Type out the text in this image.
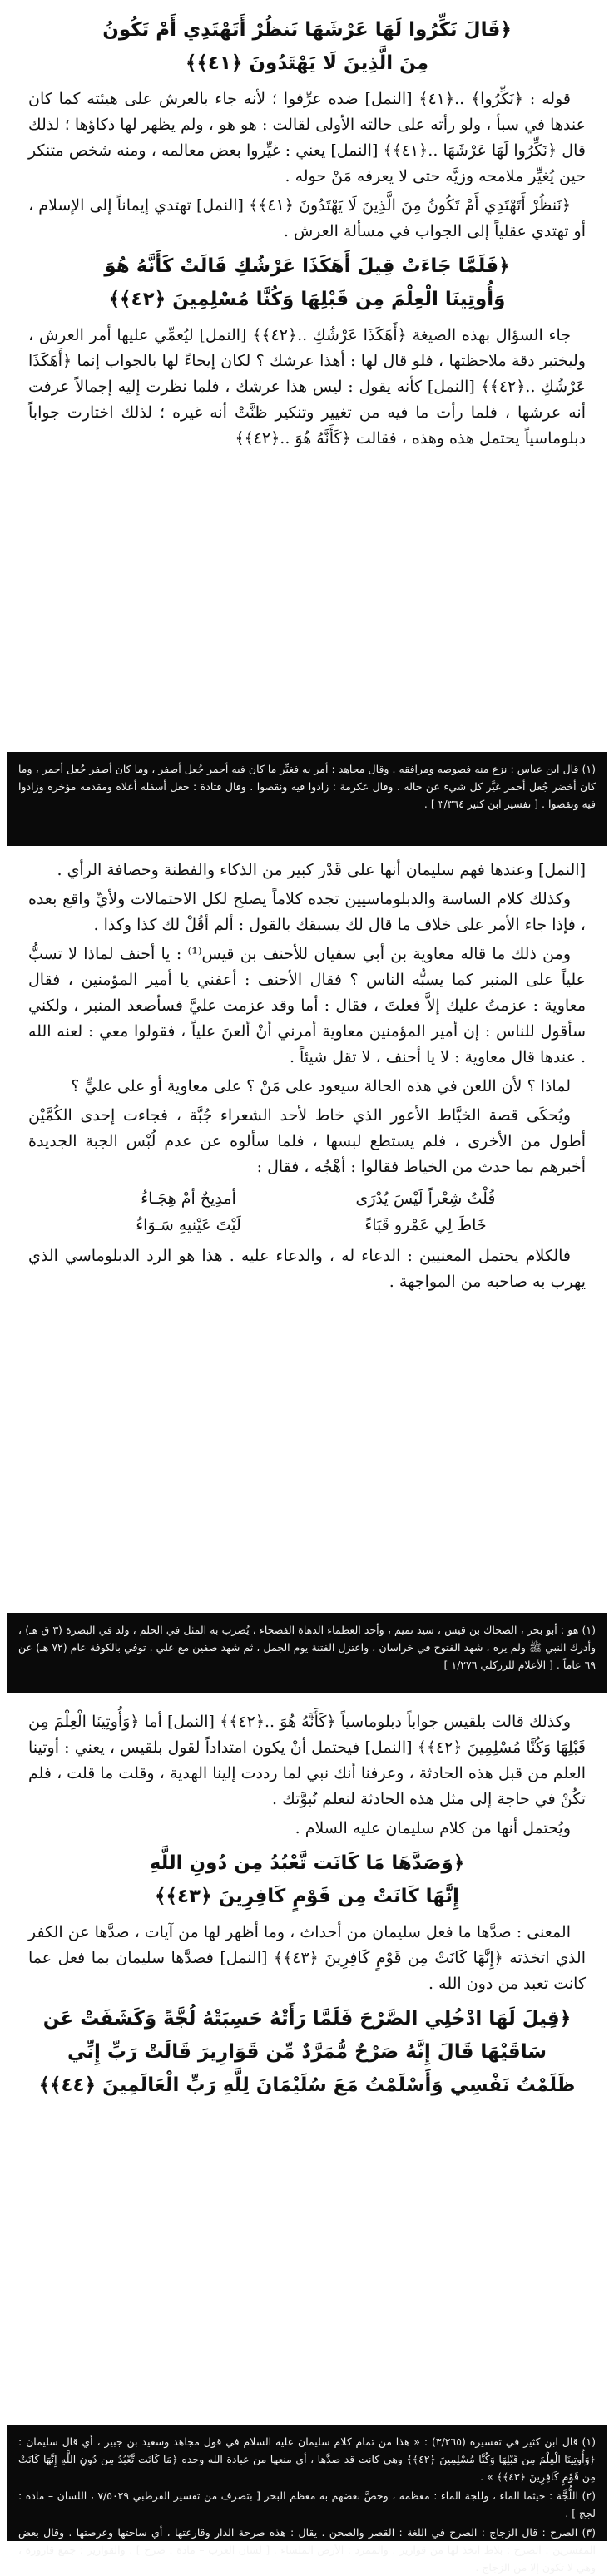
﴿قَالَ نَكِّرُوا لَهَا عَرْشَهَا نَنظُرْ أَتَهْتَدِي أَمْ تَكُونُ
مِنَ الَّذِينَ لَا يَهْتَدُونَ ﴿٤١﴾﴾

قوله : ﴿نَكِّرُوا﴾ ..﴿٤١﴾ [النمل] ضده عرِّفوا ؛ لأنه جاء بالعرش على هيئته كما كان عندها في سبأ ، ولو رأته على حالته الأولى لقالت : هو هو ، ولم يظهر لها ذكاؤها ؛ لذلك قال ﴿نَكِّرُوا لَهَا عَرْشَهَا ..﴿٤١﴾﴾ [النمل] يعني : غيِّروا بعض معالمه ، ومنه شخص متنكر حين يُغيِّر ملامحه وزيَّه حتى لا يعرفه مَنْ حوله .

﴿نَنظُرْ أَتَهْتَدِي أَمْ تَكُونُ مِنَ الَّذِينَ لَا يَهْتَدُونَ ﴿٤١﴾﴾ [النمل] تهتدي إيماناً إلى الإسلام ، أو تهتدي عقلياً إلى الجواب في مسألة العرش .

﴿فَلَمَّا جَاءَتْ قِيلَ أَهَكَذَا عَرْشُكِ قَالَتْ كَأَنَّهُ هُوَ
وَأُوتِينَا الْعِلْمَ مِن قَبْلِهَا وَكُنَّا مُسْلِمِينَ ﴿٤٢﴾﴾

جاء السؤال بهذه الصيغة ﴿أَهَكَذَا عَرْشُكِ ..﴿٤٢﴾﴾ [النمل] ليُعمِّي عليها أمر العرش ، وليختبر دقة ملاحظتها ، فلو قال لها : أهذا عرشك ؟ لكان إيحاءً لها بالجواب إنما ﴿أَهَكَذَا عَرْشُكِ ..﴿٤٢﴾﴾ [النمل] كأنه يقول : ليس هذا عرشك ، فلما نظرت إليه إجمالاً عرفت أنه عرشها ، فلما رأت ما فيه من تغيير وتنكير ظنَّتْ أنه غيره ؛ لذلك اختارت جواباً دبلوماسياً يحتمل هذه وهذه ، فقالت ﴿كَأَنَّهُ هُوَ ..﴿٤٢﴾﴾

(١) قال ابن عباس : نزع منه فصوصه ومرافقه . وقال مجاهد : أمر به فغيِّر ما كان فيه أحمر جُعل أصفر ، وما كان أصفر جُعل أحمر ، وما كان أخضر جُعل أحمر غيَّر كل شيء عن حاله . وقال عكرمة : زادوا فيه ونقصوا . وقال قتادة : جعل أسفله أعلاه ومقدمه مؤخره وزادوا فيه ونقصوا . [ تفسير ابن كثير ٣/٣٦٤ ] .

[النمل] وعندها فهم سليمان أنها على قَدْر كبير من الذكاء والفطنة وحصافة الرأي .

وكذلك كلام الساسة والدبلوماسيين تجده كلاماً يصلح لكل الاحتمالات ولأيِّ واقع بعده ، فإذا جاء الأمر على خلاف ما قال لك يسبقك بالقول : ألم أقُلْ لك كذا وكذا .

ومن ذلك ما قاله معاوية بن أبي سفيان للأحنف بن قيس⁽¹⁾ : يا أحنف لماذا لا تسبُّ علياً على المنبر كما يسبُّه الناس ؟ فقال الأحنف : أعفني يا أمير المؤمنين ، فقال معاوية : عزمتُ عليك إلاَّ فعلتَ ، فقال : أما وقد عزمت عليَّ فسأصعد المنبر ، ولكني سأقول للناس : إن أمير المؤمنين معاوية أمرني أنْ ألعنَ علياً ، فقولوا معي : لعنه الله . عندها قال معاوية : لا يا أحنف ، لا تقل شيئاً .

لماذا ؟ لأن اللعن في هذه الحالة سيعود على مَنْ ؟ على معاوية أو على عليٍّ ؟

ويُحكَى قصة الخيَّاط الأعور الذي خاط لأحد الشعراء جُبَّة ، فجاءت إحدى الكُمَّيْن أطول من الأخرى ، فلم يستطع لبسها ، فلما سألوه عن عدم لُبْس الجبة الجديدة أخبرهم بما حدث من الخياط فقالوا : أهْجُه ، فقال :

قُلْتُ شِعْراً لَيْسَ يُدْرَى
أمدِيحٌ أمْ هِجَـاءُ
خَاطَ لِي عَمْرو قَبَاءً
لَيْتَ عَيْنيهِ سَـوَاءُ

فالكلام يحتمل المعنيين : الدعاء له ، والدعاء عليه . هذا هو الرد الدبلوماسي الذي يهرب به صاحبه من المواجهة .

(١) هو : أبو بحر ، الضحاك بن قيس ، سيد تميم ، وأحد العظماء الدهاة الفصحاء ، يُضرب به المثل في الحلم ، ولد في البصرة (٣ ق هـ) ، وأدرك النبي ﷺ ولم يره ، شهد الفتوح في خراسان ، واعتزل الفتنة يوم الجمل ، ثم شهد صفين مع علي . توفي بالكوفة عام (٧٢ هـ) عن ٦٩ عاماً . [ الأعلام للزركلي ١/٢٧٦ ]

وكذلك قالت بلقيس جواباً دبلوماسياً ﴿كَأَنَّهُ هُوَ ..﴿٤٢﴾﴾ [النمل] أما ﴿وَأُوتِينَا الْعِلْمَ مِن قَبْلِهَا وَكُنَّا مُسْلِمِينَ ﴿٤٢﴾﴾ [النمل] فيحتمل أنْ يكون امتداداً لقول بلقيس ، يعني : أوتينا العلم من قبل هذه الحادثة ، وعرفنا أنك نبي لما رددت إلينا الهدية ، وقلت ما قلت ، فلم تكُنْ في حاجة إلى مثل هذه الحادثة لنعلم نُبوَّتك .

ويُحتمل أنها من كلام سليمان عليه السلام .

﴿وَصَدَّهَا مَا كَانَت تَّعْبُدُ مِن دُونِ اللَّهِ
إِنَّهَا كَانَتْ مِن قَوْمٍ كَافِرِينَ ﴿٤٣﴾﴾

المعنى : صدَّها ما فعل سليمان من أحداث ، وما أظهر لها من آيات ، صدَّها عن الكفر الذي اتخذته ﴿إِنَّهَا كَانَتْ مِن قَوْمٍ كَافِرِينَ ﴿٤٣﴾﴾ [النمل] فصدَّها سليمان بما فعل عما كانت تعبد من دون الله .

﴿قِيلَ لَهَا ادْخُلِي الصَّرْحَ فَلَمَّا رَأَتْهُ حَسِبَتْهُ لُجَّةً وَكَشَفَتْ عَن
سَاقَيْهَا قَالَ إِنَّهُ صَرْحٌ مُّمَرَّدٌ مِّن قَوَارِيرَ قَالَتْ رَبِّ إِنِّي
ظَلَمْتُ نَفْسِي وَأَسْلَمْتُ مَعَ سُلَيْمَانَ لِلَّهِ رَبِّ الْعَالَمِينَ ﴿٤٤﴾﴾

(١) قال ابن كثير في تفسيره (٣/٢٦٥) : « هذا من تمام كلام سليمان عليه السلام في قول مجاهد وسعيد بن جبير ، أي قال سليمان : ﴿وَأُوتِينَا الْعِلْمَ مِن قَبْلِهَا وَكُنَّا مُسْلِمِينَ ﴿٤٢﴾﴾ وهي كانت قد صدَّها ، أي منعها من عبادة الله وحده ﴿مَا كَانَت تَّعْبُدُ مِن دُونِ اللَّهِ إِنَّهَا كَانَتْ مِن قَوْمٍ كَافِرِينَ ﴿٤٣﴾﴾ » .

(٢) اللُّجَّة : حيثما الماء ، وللجة الماء : معظمه ، وخصَّ بعضهم به معظم البحر [ بتصرف من تفسير القرطبي ٧/٥٠٢٩ ، اللسان – مادة : لجج ] .

(٣) الصرح : قال الزجاج : الصرح في اللغة : القصر والصحن . يقال : هذه صرحة الدار وقارعتها ، أي ساحتها وعرصتها . وقال بعض المفسرين : الصرح : بلاط اتخذ لها من قوارير . والممرد : الأرض الملساء . [ لسان العرب – مادة : صرح ] . والقوارير : جمع قارورة ، وهي لا تكون إلا من الزجاج .
